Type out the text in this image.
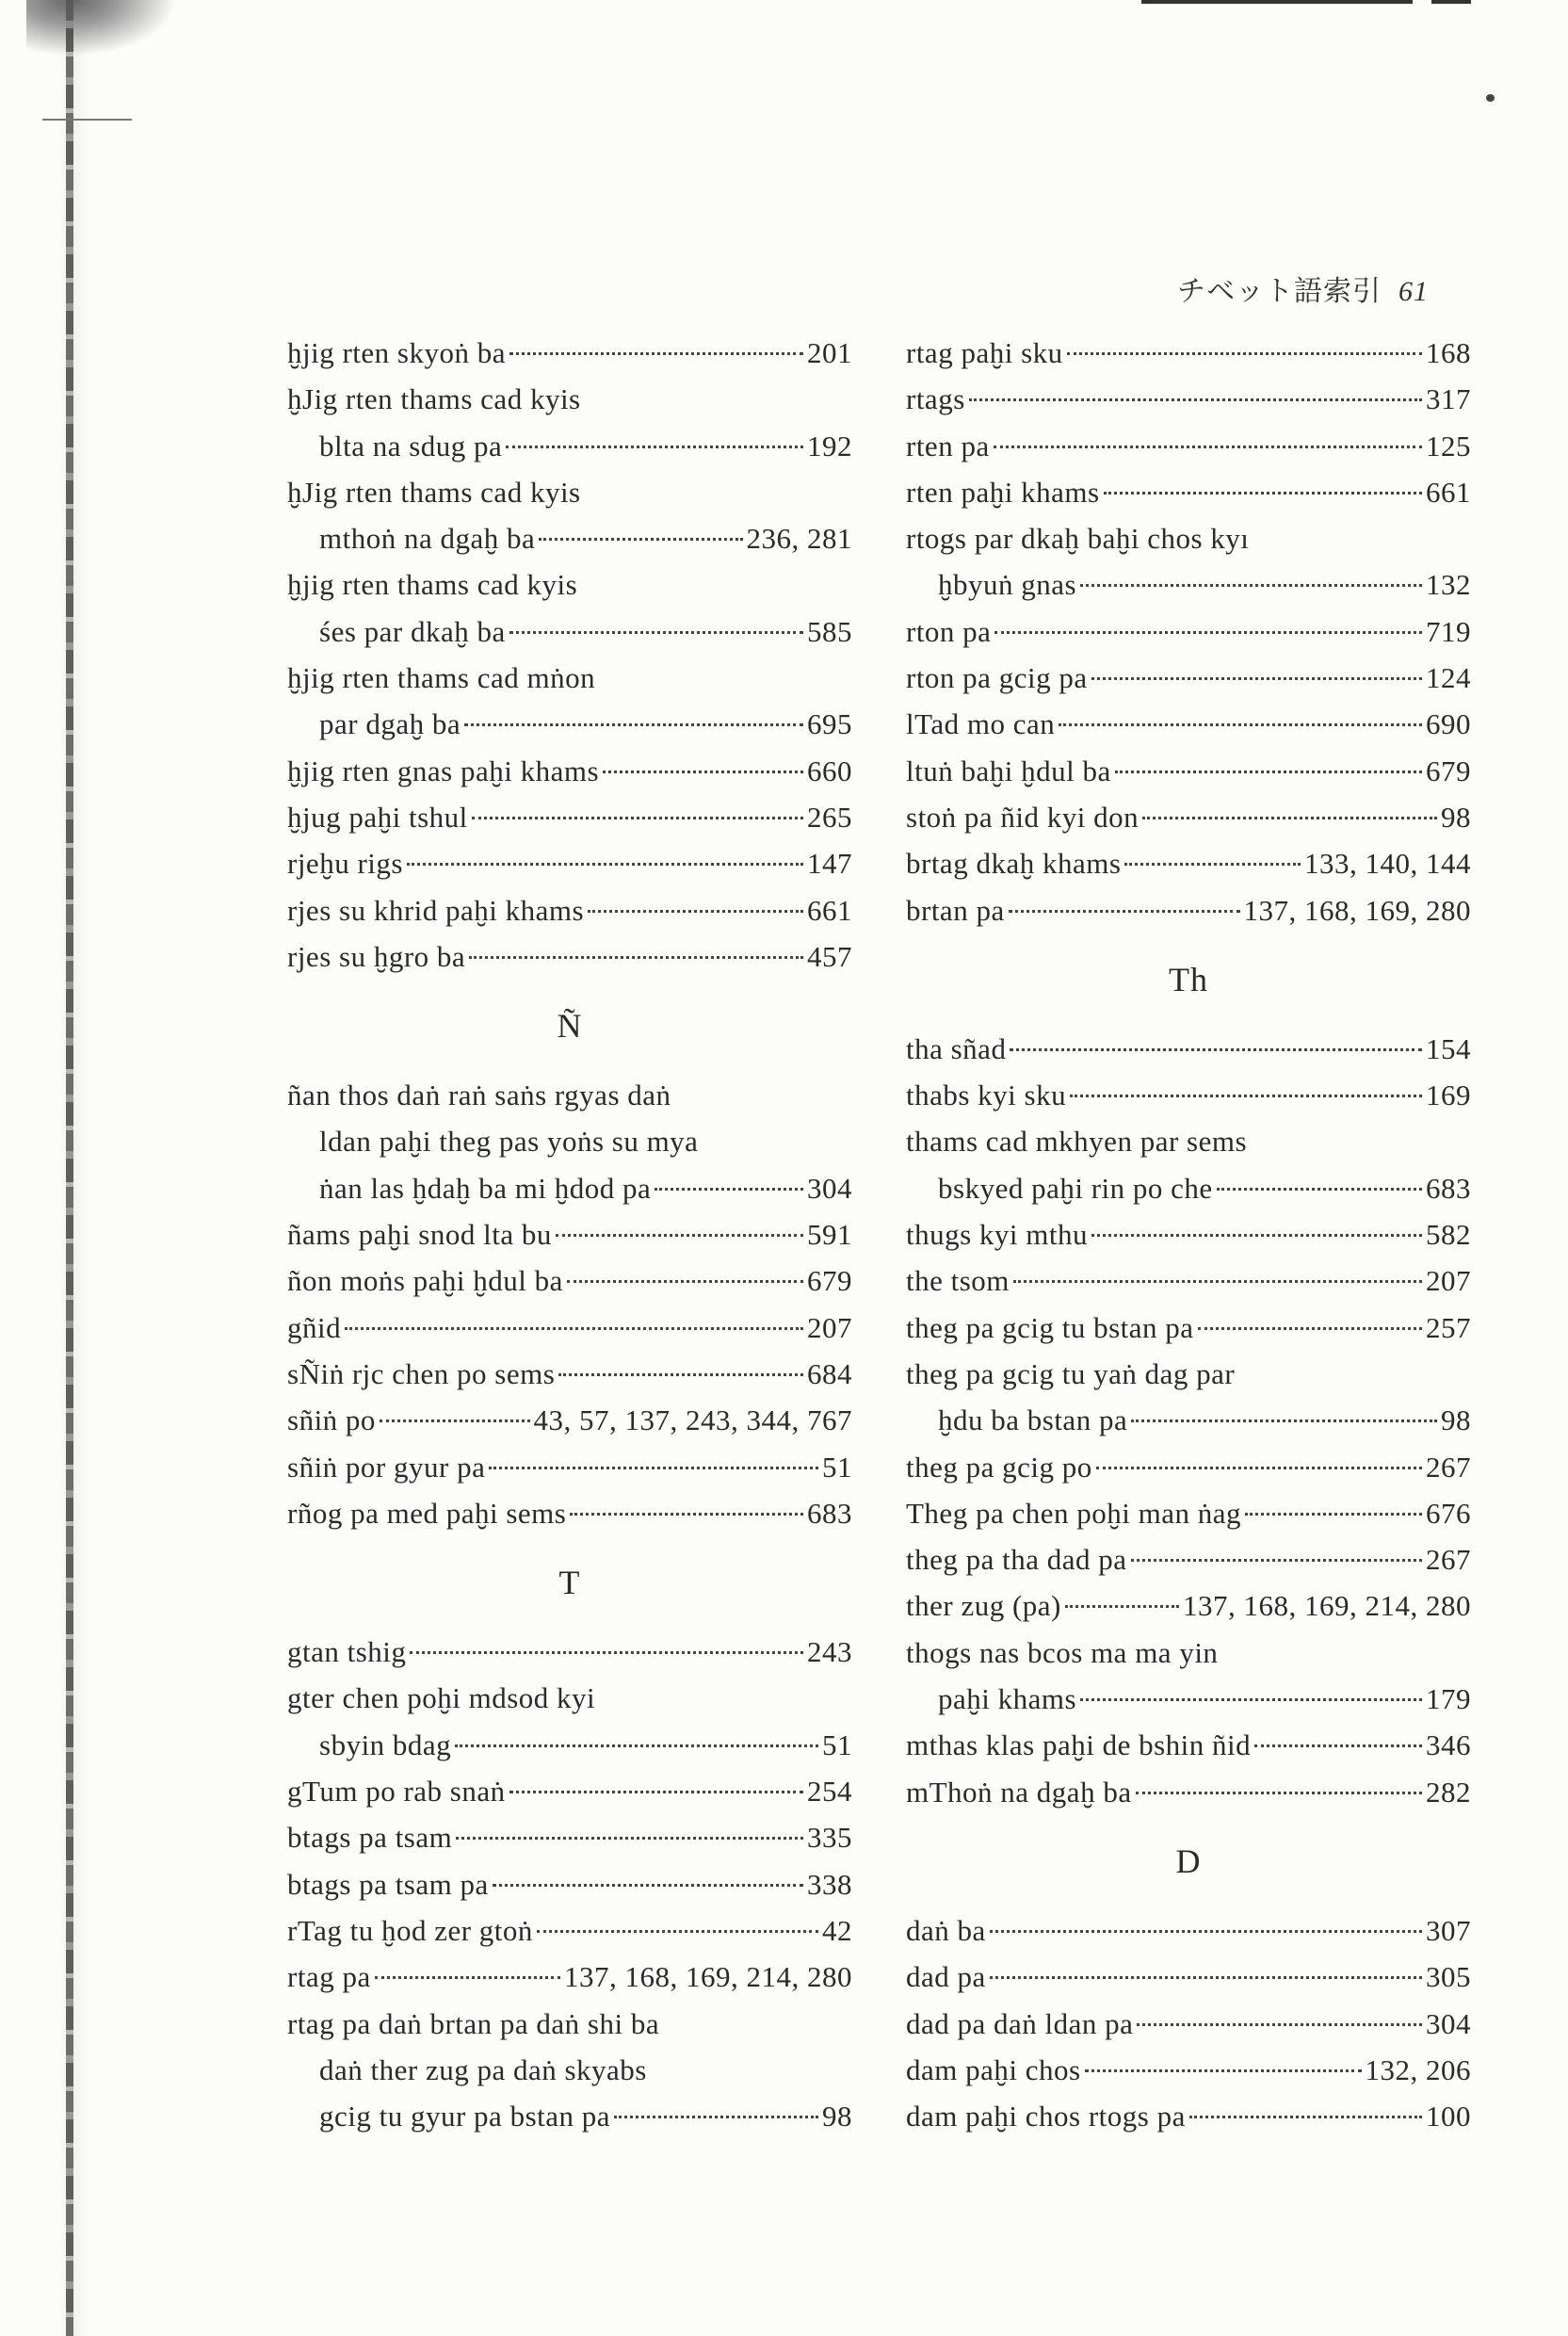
チベット語索引 61
ḫjig rten skyoṅ ba	201
ḫJig rten thams cad kyis
blta na sdug pa	192
ḫJig rten thams cad kyis
mthoṅ na dgaḫ ba	236, 281
ḫjig rten thams cad kyis
śes par dkaḫ ba	585
ḫjig rten thams cad mṅon
par dgaḫ ba	695
ḫjig rten gnas paḫi khams	660
ḫjug paḫi tshul	265
rjeḫu rigs	147
rjes su khrid paḫi khams	661
rjes su ḫgro ba	457
Ñ
ñan thos daṅ raṅ saṅs rgyas daṅ
ldan paḫi theg pas yoṅs su mya
ṅan las ḫdaḫ ba mi ḫdod pa	304
ñams paḫi snod lta bu	591
ñon moṅs paḫi ḫdul ba	679
gñid	207
sÑiṅ rjc chen po sems	684
sñiṅ po	43, 57, 137, 243, 344, 767
sñiṅ por gyur pa	51
rñog pa med paḫi sems	683
T
gtan tshig	243
gter chen poḫi mdsod kyi
sbyin bdag	51
gTum po rab snaṅ	254
btags pa tsam	335
btags pa tsam pa	338
rTag tu ḫod zer gtoṅ	42
rtag pa	137, 168, 169, 214, 280
rtag pa daṅ brtan pa daṅ shi ba
daṅ ther zug pa daṅ skyabs
gcig tu gyur pa bstan pa	98
rtag paḫi sku	168
rtags	317
rten pa	125
rten paḫi khams	661
rtogs par dkaḫ baḫi chos kyı
ḫbyuṅ gnas	132
rton pa	719
rton pa gcig pa	124
lTad mo can	690
ltuṅ baḫi ḫdul ba	679
stoṅ pa ñid kyi don	98
brtag dkaḫ khams	133, 140, 144
brtan pa	137, 168, 169, 280
Th
tha sñad	154
thabs kyi sku	169
thams cad mkhyen par sems
bskyed paḫi rin po che	683
thugs kyi mthu	582
the tsom	207
theg pa gcig tu bstan pa	257
theg pa gcig tu yaṅ dag par
ḫdu ba bstan pa	98
theg pa gcig po	267
Theg pa chen poḫi man ṅag	676
theg pa tha dad pa	267
ther zug (pa)	137, 168, 169, 214, 280
thogs nas bcos ma ma yin
paḫi khams	179
mthas klas paḫi de bshin ñid	346
mThoṅ na dgaḫ ba	282
D
daṅ ba	307
dad pa	305
dad pa daṅ ldan pa	304
dam paḫi chos	132, 206
dam paḫi chos rtogs pa	100
